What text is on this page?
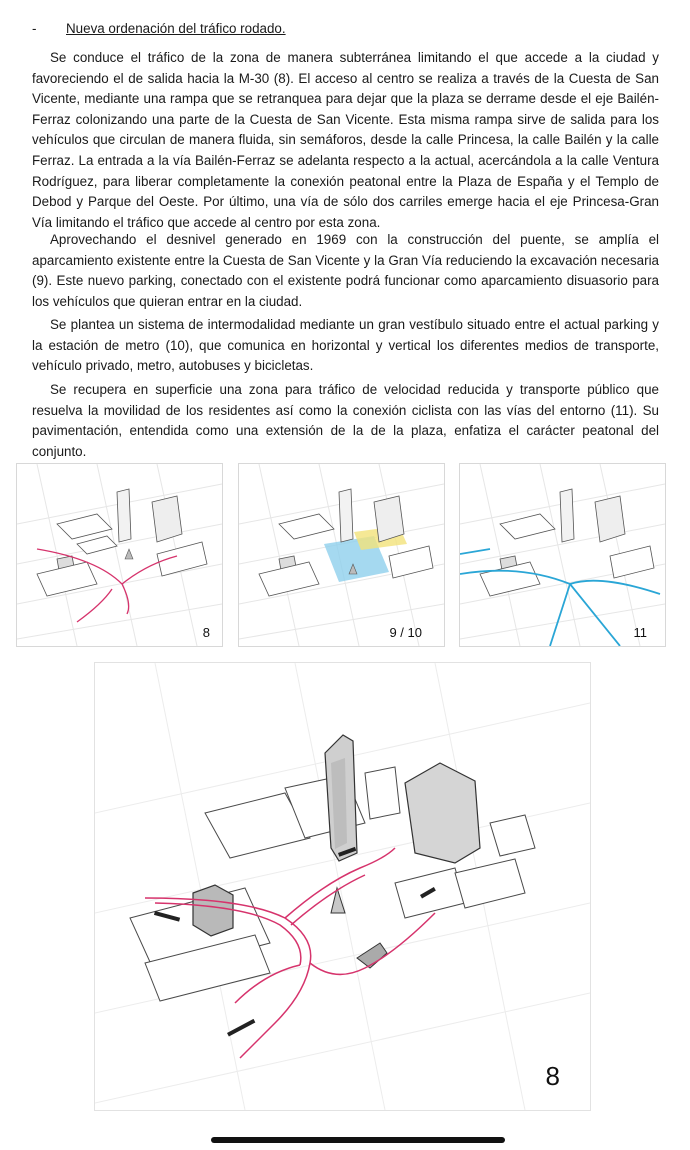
- Nueva ordenación del tráfico rodado.

Se conduce el tráfico de la zona de manera subterránea limitando el que accede a la ciudad y favoreciendo el de salida hacia la M-30 (8). El acceso al centro se realiza a través de la Cuesta de San Vicente, mediante una rampa que se retranquea para dejar que la plaza se derrame desde el eje Bailén-Ferraz colonizando una parte de la Cuesta de San Vicente. Esta misma rampa sirve de salida para los vehículos que circulan de manera fluida, sin semáforos, desde la calle Princesa, la calle Bailén y la calle Ferraz. La entrada a la vía Bailén-Ferraz se adelanta respecto a la actual, acercándola a la calle Ventura Rodríguez, para liberar completamente la conexión peatonal entre la Plaza de España y el Templo de Debod y Parque del Oeste. Por último, una vía de sólo dos carriles emerge hacia el eje Princesa-Gran Vía limitando el tráfico que accede al centro por esta zona.

Aprovechando el desnivel generado en 1969 con la construcción del puente, se amplía el aparcamiento existente entre la Cuesta de San Vicente y la Gran Vía reduciendo la excavación necesaria (9). Este nuevo parking, conectado con el existente podrá funcionar como aparcamiento disuasorio para los vehículos que quieran entrar en la ciudad.

Se plantea un sistema de intermodalidad mediante un gran vestíbulo situado entre el actual parking y la estación de metro (10), que comunica en horizontal y vertical los diferentes medios de transporte, vehículo privado, metro, autobuses y bicicletas.

Se recupera en superficie una zona para tráfico de velocidad reducida y transporte público que resuelva la movilidad de los residentes así como la conexión ciclista con las vías del entorno (11). Su pavimentación, entendida como una extensión de la de la plaza, enfatiza el carácter peatonal del conjunto.

8	9 / 10	11
8
